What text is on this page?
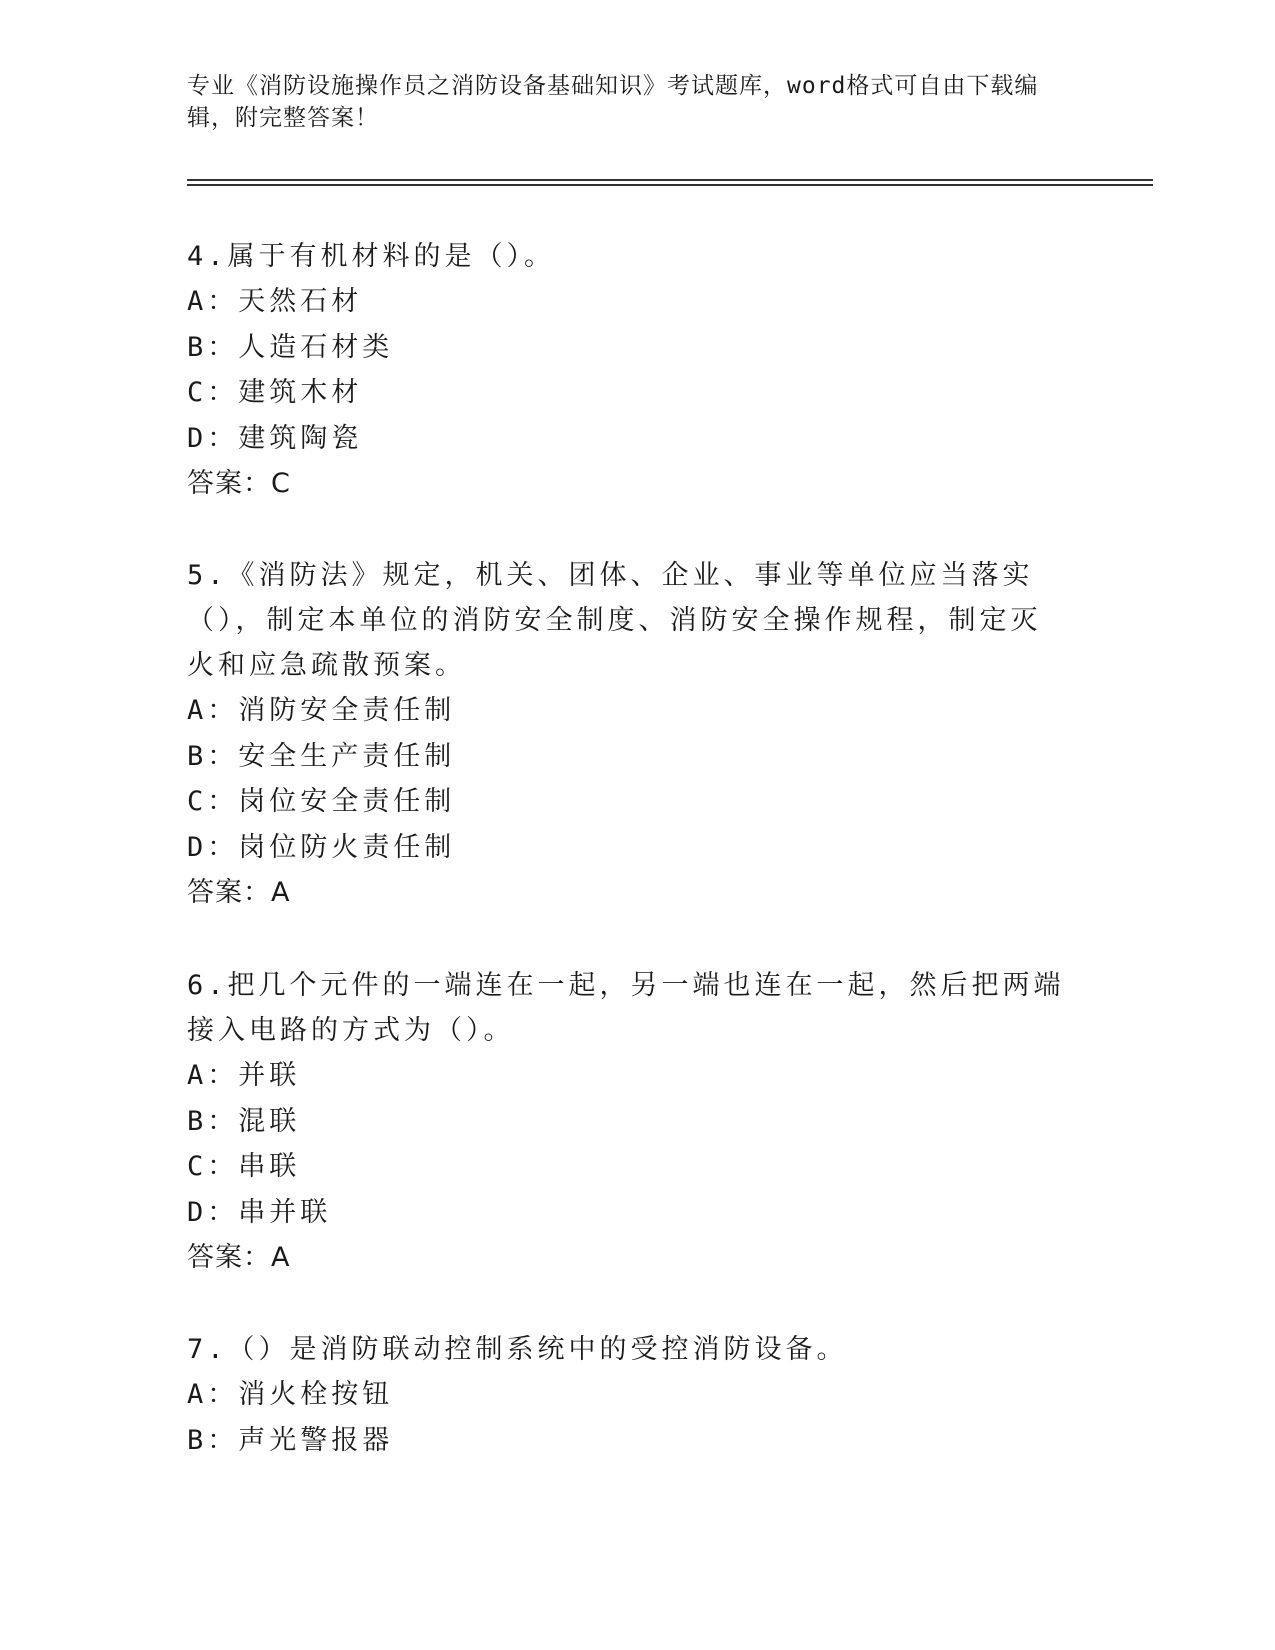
专业《消防设施操作员之消防设备基础知识》考试题库，word格式可自由下载编辑，附完整答案！
4.属于有机材料的是（）。
A：天然石材
B：人造石材类
C：建筑木材
D：建筑陶瓷
答案：C
5.《消防法》规定，机关、团体、企业、事业等单位应当落实（），制定本单位的消防安全制度、消防安全操作规程，制定灭火和应急疏散预案。
A：消防安全责任制
B：安全生产责任制
C：岗位安全责任制
D：岗位防火责任制
答案：A
6.把几个元件的一端连在一起，另一端也连在一起，然后把两端接入电路的方式为（）。
A：并联
B：混联
C：串联
D：串并联
答案：A
7.（）是消防联动控制系统中的受控消防设备。
A：消火栓按钮
B：声光警报器
